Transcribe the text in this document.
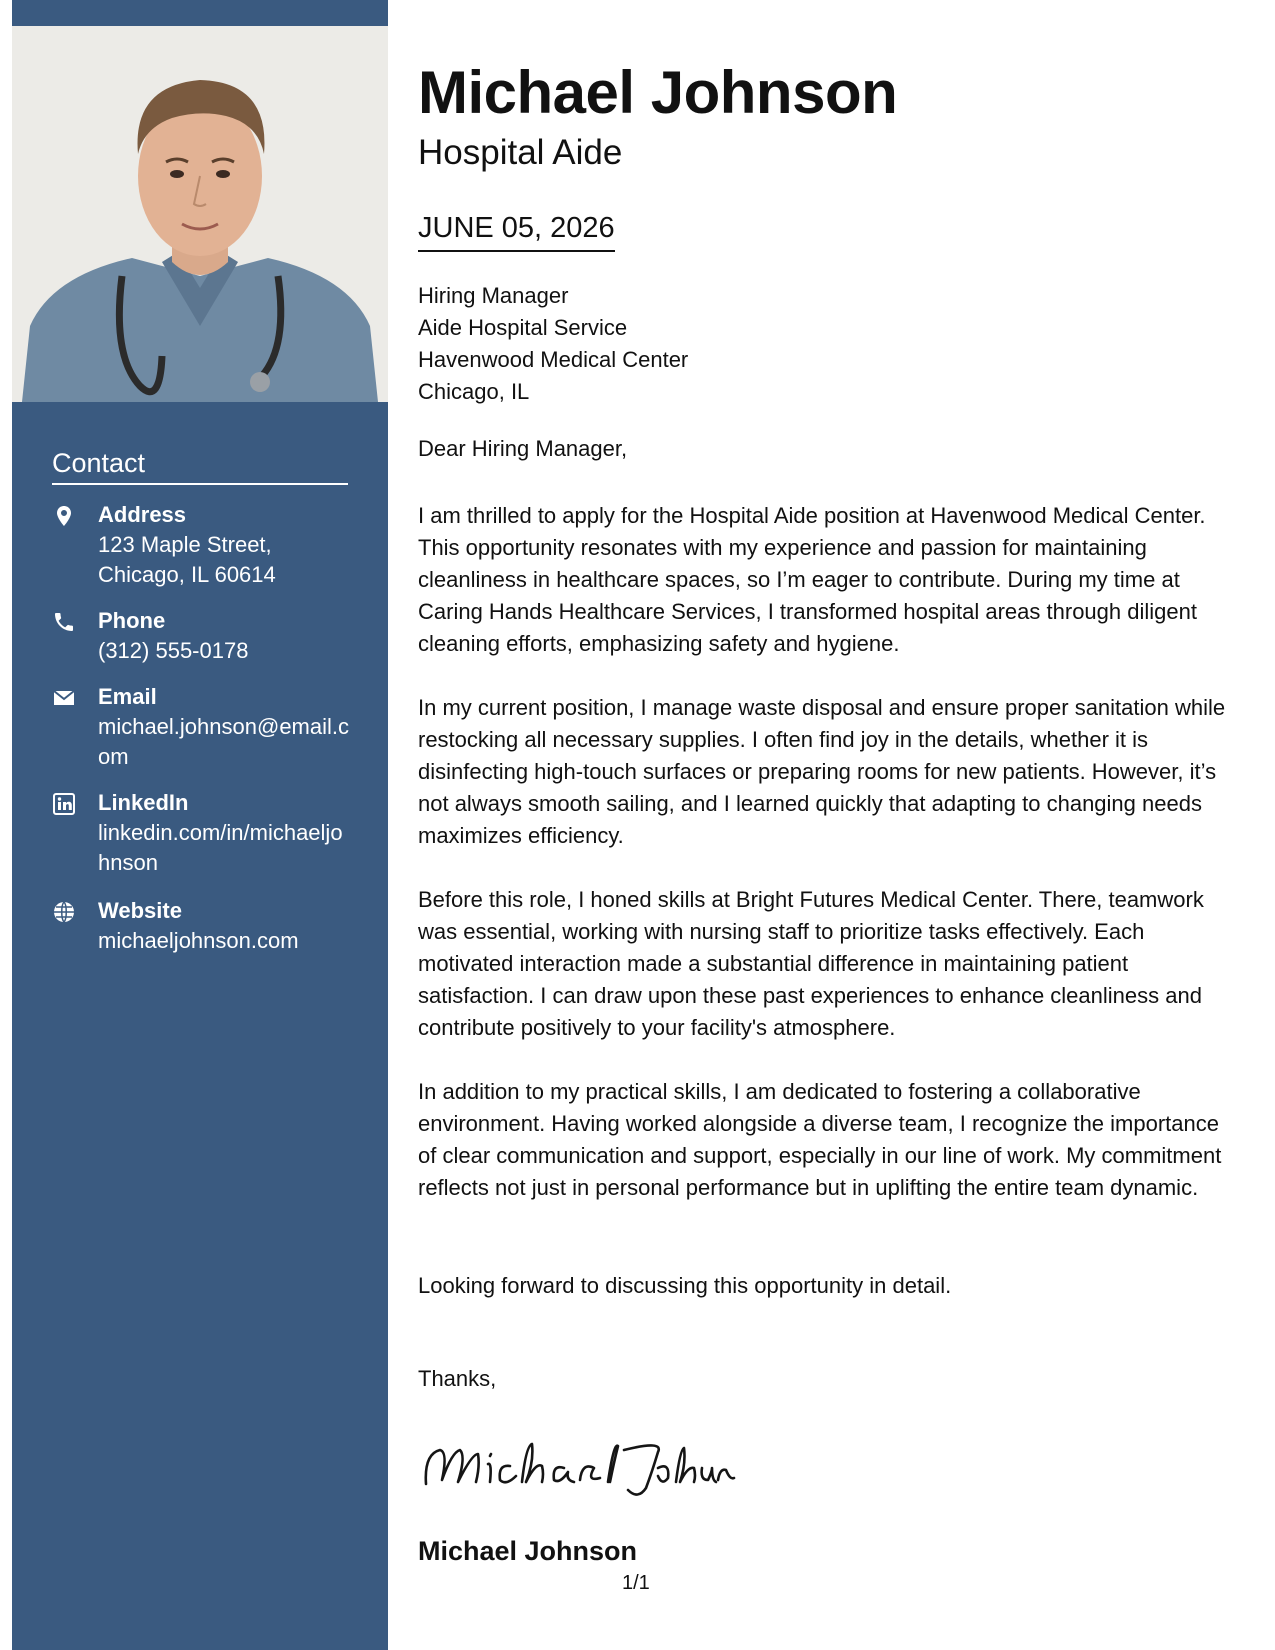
Contact
Address
123 Maple Street, Chicago, IL 60614
Phone
(312) 555-0178
Email
michael.johnson@email.com
LinkedIn
linkedin.com/in/michaeljohnson
Website
michaeljohnson.com
Michael Johnson
Hospital Aide
JUNE 05, 2026
Hiring Manager
Aide Hospital Service
Havenwood Medical Center
Chicago, IL
Dear Hiring Manager,

I am thrilled to apply for the Hospital Aide position at Havenwood Medical Center. This opportunity resonates with my experience and passion for maintaining cleanliness in healthcare spaces, so I’m eager to contribute. During my time at Caring Hands Healthcare Services, I transformed hospital areas through diligent cleaning efforts, emphasizing safety and hygiene.

In my current position, I manage waste disposal and ensure proper sanitation while restocking all necessary supplies. I often find joy in the details, whether it is disinfecting high-touch surfaces or preparing rooms for new patients. However, it’s not always smooth sailing, and I learned quickly that adapting to changing needs maximizes efficiency.

Before this role, I honed skills at Bright Futures Medical Center. There, teamwork was essential, working with nursing staff to prioritize tasks effectively. Each motivated interaction made a substantial difference in maintaining patient satisfaction. I can draw upon these past experiences to enhance cleanliness and contribute positively to your facility's atmosphere.

In addition to my practical skills, I am dedicated to fostering a collaborative environment. Having worked alongside a diverse team, I recognize the importance of clear communication and support, especially in our line of work. My commitment reflects not just in personal performance but in uplifting the entire team dynamic.

Looking forward to discussing this opportunity in detail.

Thanks,
Michael Johnson
1/1
